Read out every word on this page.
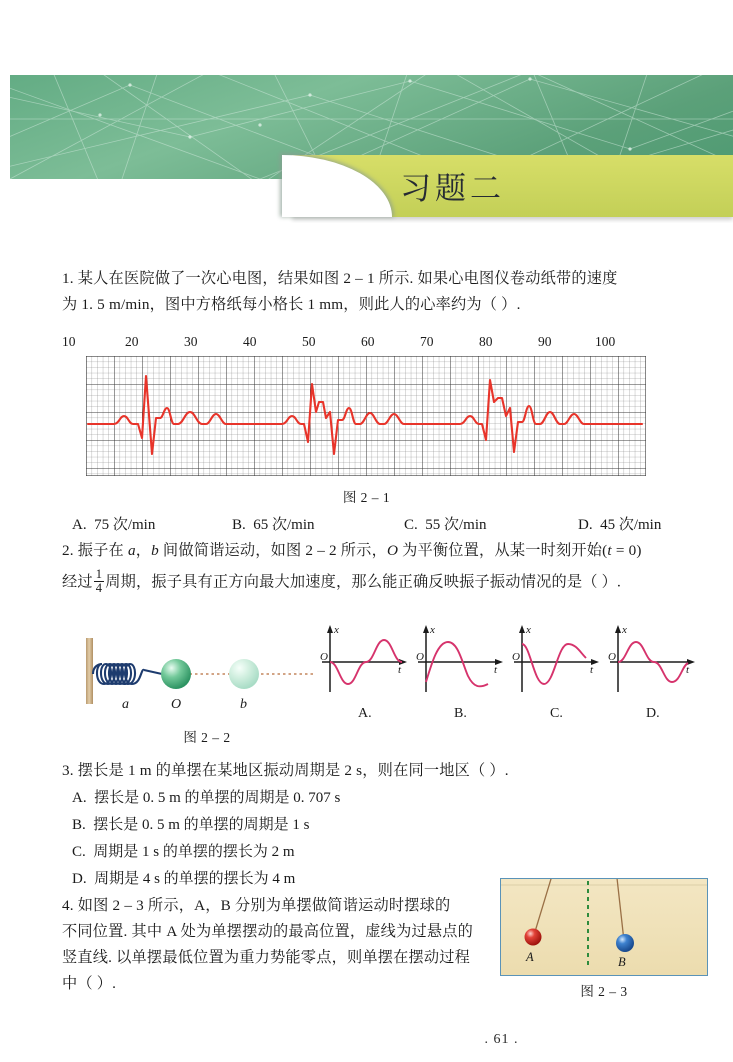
习题二
1. 某人在医院做了一次心电图，结果如图 2 – 1 所示. 如果心电图仪卷动纸带的速度
为 1. 5 m/min，图中方格纸每小格长 1 mm，则此人的心率约为（ ）.
10	20	30	40	50	60	70	80	90	100
图 2 – 1
A. 75 次/min	B. 65 次/min	C. 55 次/min	D. 45 次/min
2. 振子在 a，b 间做简谐运动，如图 2 – 2 所示，O 为平衡位置，从某一时刻开始(t = 0)
经过 $\frac{1}{4}$ 周期，振子具有正方向最大加速度，那么能正确反映振子振动情况的是（ ）.
a	O	b
图 2 – 2
x
O
t
A.
x
O
t
B.
x
O
t
C.
x
O
t
D.
3. 摆长是 1 m 的单摆在某地区振动周期是 2 s，则在同一地区（ ）.
A. 摆长是 0. 5 m 的单摆的周期是 0. 707 s
B. 摆长是 0. 5 m 的单摆的周期是 1 s
C. 周期是 1 s 的单摆的摆长为 2 m
D. 周期是 4 s 的单摆的摆长为 4 m
4. 如图 2 – 3 所示，A，B 分别为单摆做简谐运动时摆球的
不同位置. 其中 A 处为单摆摆动的最高位置，虚线为过悬点的
竖直线. 以单摆最低位置为重力势能零点，则单摆在摆动过程
中（ ）.
A	B
图 2 – 3
. 61 .
